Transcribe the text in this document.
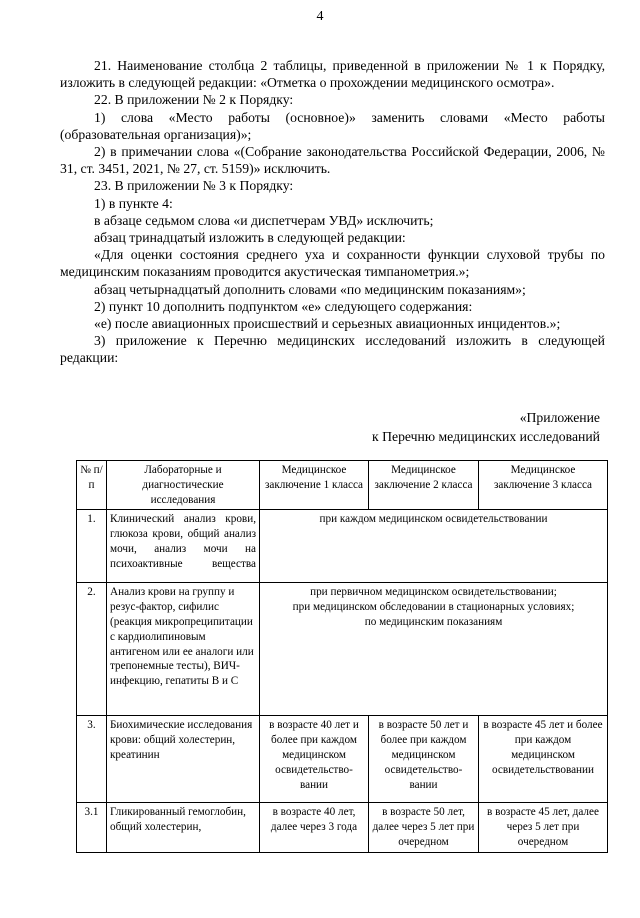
4

21. Наименование столбца 2 таблицы, приведенной в приложении № 1 к Порядку, изложить в следующей редакции: «Отметка о прохождении медицинского осмотра».

22. В приложении № 2 к Порядку:

1) слова «Место работы (основное)» заменить словами «Место работы (образовательная организация)»;

2) в примечании слова «(Собрание законодательства Российской Федерации, 2006, № 31, ст. 3451, 2021, № 27, ст. 5159)» исключить.

23. В приложении № 3 к Порядку:

1) в пункте 4:

в абзаце седьмом слова «и диспетчерам УВД» исключить;

абзац тринадцатый изложить в следующей редакции:

«Для оценки состояния среднего уха и сохранности функции слуховой трубы по медицинским показаниям проводится акустическая тимпанометрия.»;

абзац четырнадцатый дополнить словами «по медицинским показаниям»;

2) пункт 10 дополнить подпунктом «е» следующего содержания:

«е) после авиационных происшествий и серьезных авиационных инцидентов.»;

3) приложение к Перечню медицинских исследований изложить в следующей редакции:

«Приложение
к Перечню медицинских исследований
№ п/п	Лабораторные и диагностические исследования	Медицинское заключение 1 класса	Медицинское заключение 2 класса	Медицинское заключение 3 класса
1.	Клинический анализ крови, глюкоза крови, общий анализ мочи, анализ мочи на психоактивные вещества	при каждом медицинском освидетельствовании		
2.	Анализ крови на группу и резус-фактор, сифилис (реакция микропреципитации с кардиолипиновым антигеном или ее аналоги или трепонемные тесты), ВИЧ-инфекцию, гепатиты В и С	при первичном медицинском освидетельствовании;
при медицинском обследовании в стационарных условиях;
по медицинским показаниям		

3.	Биохимические исследования крови: общий холестерин, креатинин	в возрасте 40 лет и более при каждом медицинском освидетельство-вании	в возрасте 50 лет и более при каждом медицинском освидетельство-вании	в возрасте 45 лет и более при каждом медицинском освидетельствовании
3.1	Гликированный гемоглобин, общий холестерин,	в возрасте 40 лет, далее через 3 года	в возрасте 50 лет, далее через 5 лет при очередном	в возрасте 45 лет, далее через 5 лет при очередном
